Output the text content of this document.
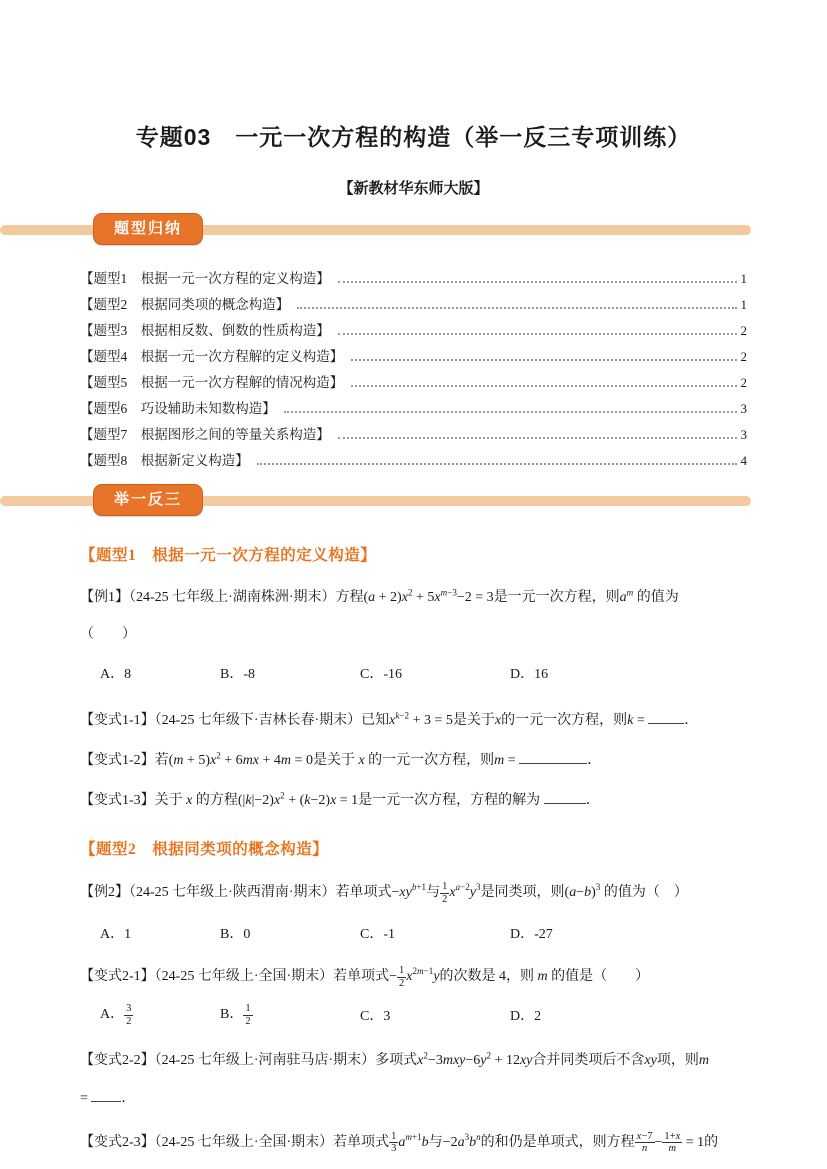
专题03　一元一次方程的构造（举一反三专项训练）
【新教材华东师大版】
题型归纳
【题型1　根据一元一次方程的定义构造】	1
【题型2　根据同类项的概念构造】	1
【题型3　根据相反数、倒数的性质构造】	2
【题型4　根据一元一次方程解的定义构造】	2
【题型5　根据一元一次方程解的情况构造】	2
【题型6　巧设辅助未知数构造】	3
【题型7　根据图形之间的等量关系构造】	3
【题型8　根据新定义构造】	4
举一反三
【题型1　根据一元一次方程的定义构造】

【例1】（24-25 七年级上·湖南株洲·期末）方程$(a + 2)x^2 + 5x^{m-3}-2 = 3$是一元一次方程，则$a^m$ 的值为

（　　）

A．8	B．-8	C．-16	D．16

【变式1-1】（24-25 七年级下·吉林长春·期末）已知$x^{k-2} + 3 = 5$是关于x的一元一次方程，则k =	．

【变式1-2】若$(m + 5)x^2 + 6mx + 4m = 0$是关于 x 的一元一次方程，则m =	．

【变式1-3】关于 x 的方程$(|k|-2)x^2 + (k-2)x = 1$是一元一次方程，方程的解为	．

【题型2　根据同类项的概念构造】

【例2】（24-25 七年级上·陕西渭南·期末）若单项式$-xy^{b+1}$与 $\frac{1}{2} x^{a-2}y^3$是同类项，则$(a-b)^3$ 的值为（　）

A．1	B．0	C．-1	D．-27

【变式2-1】（24-25 七年级上·全国·期末）若单项式− $\frac{1}{2} x^{2m-1}y$的次数是 4，则 m 的值是（　　）

A． $\frac{3}{2}$	B． $\frac{1}{2}$	C．3	D．2

【变式2-2】（24-25 七年级上·河南驻马店·期末）多项式$x^2-3mxy-6y^2 + 12xy$合并同类项后不含xy项，则m

= ．

【变式2-3】（24-25 七年级上·全国·期末）若单项式 $\frac{1}{3} a^{m+1}b$与$-2a^3b^n$的和仍是单项式，则方程 $\frac{x-7}{n} - \frac{1+x}{m} = 1$的
